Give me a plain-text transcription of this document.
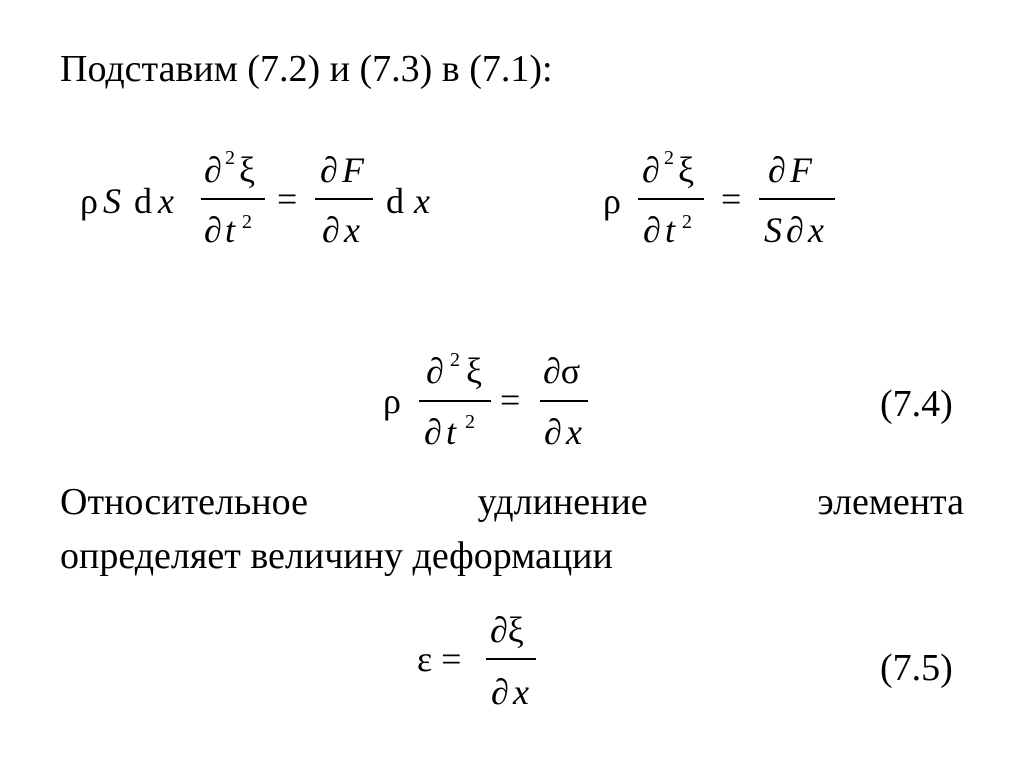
Подставим (7.2) и (7.3) в (7.1):
ρ S d x
∂ 2 ξ
∂ t 2
=
∂ F
∂ x
d x	ρ
∂ 2 ξ
∂ t 2
=
∂ F
S ∂ x
ρ
∂ 2 ξ
∂ t 2
=
∂σ
∂ x
(7.4)
Относительное	удлинение	элемента
определяет величину деформации
ε =
∂ξ
∂ x
(7.5)
